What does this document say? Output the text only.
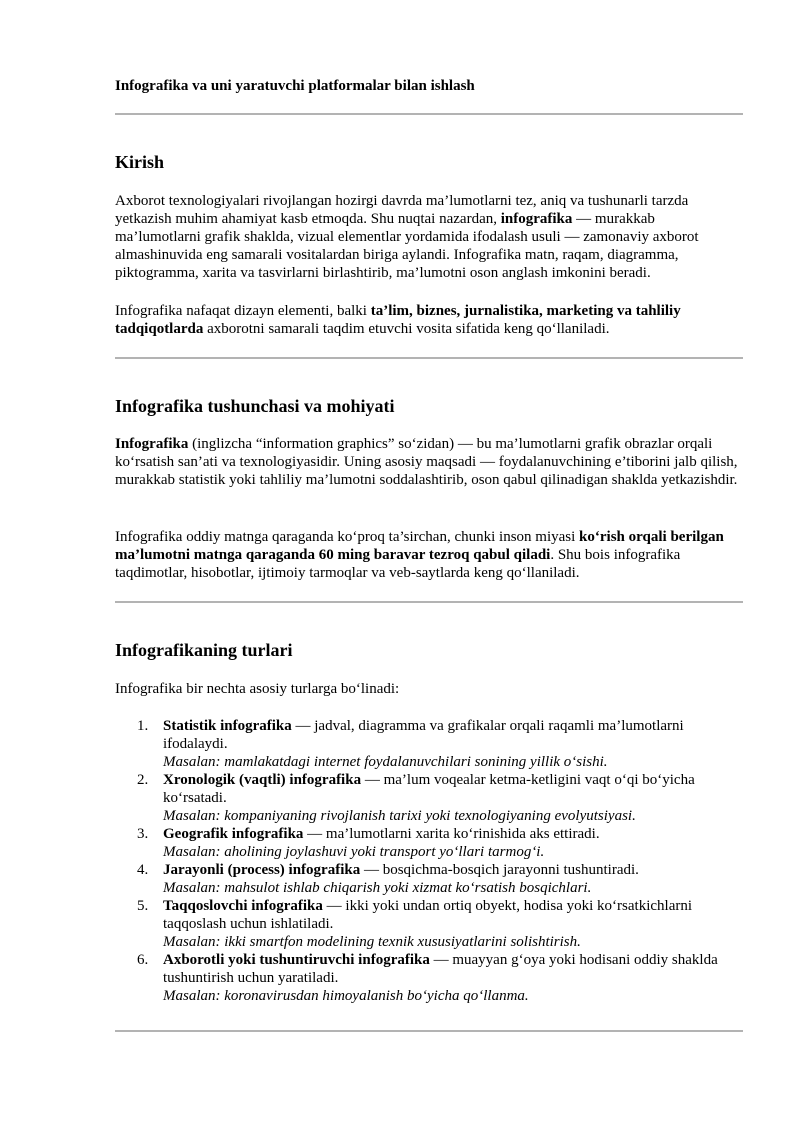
Infografika va uni yaratuvchi platformalar bilan ishlash
Kirish

Axborot texnologiyalari rivojlangan hozirgi davrda ma’lumotlarni tez, aniq va tushunarli tarzda yetkazish muhim ahamiyat kasb etmoqda. Shu nuqtai nazardan, infografika — murakkab ma’lumotlarni grafik shaklda, vizual elementlar yordamida ifodalash usuli — zamonaviy axborot almashinuvida eng samarali vositalardan biriga aylandi. Infografika matn, raqam, diagramma, piktogramma, xarita va tasvirlarni birlashtirib, ma’lumotni oson anglash imkonini beradi.

Infografika nafaqat dizayn elementi, balki ta’lim, biznes, jurnalistika, marketing va tahliliy tadqiqotlarda axborotni samarali taqdim etuvchi vosita sifatida keng qo‘llaniladi.

Infografika tushunchasi va mohiyati

Infografika (inglizcha “information graphics” so‘zidan) — bu ma’lumotlarni grafik obrazlar orqali ko‘rsatish san’ati va texnologiyasidir. Uning asosiy maqsadi — foydalanuvchining e’tiborini jalb qilish, murakkab statistik yoki tahliliy ma’lumotni soddalashtirib, oson qabul qilinadigan shaklda yetkazishdir.

Infografika oddiy matnga qaraganda ko‘proq ta’sirchan, chunki inson miyasi ko‘rish orqali berilgan ma’lumotni matnga qaraganda 60 ming baravar tezroq qabul qiladi. Shu bois infografika taqdimotlar, hisobotlar, ijtimoiy tarmoqlar va veb-saytlarda keng qo‘llaniladi.

Infografikaning turlari

Infografika bir nechta asosiy turlarga bo‘linadi:

1. Statistik infografika — jadval, diagramma va grafikalar orqali raqamli ma’lumotlarni ifodalaydi.
Masalan: mamlakatdagi internet foydalanuvchilari sonining yillik o‘sishi.
2. Xronologik (vaqtli) infografika — ma’lum voqealar ketma-ketligini vaqt o‘qi bo‘yicha ko‘rsatadi.
Masalan: kompaniyaning rivojlanish tarixi yoki texnologiyaning evolyutsiyasi.
3. Geografik infografika — ma’lumotlarni xarita ko‘rinishida aks ettiradi.
Masalan: aholining joylashuvi yoki transport yo‘llari tarmog‘i.
4. Jarayonli (process) infografika — bosqichma-bosqich jarayonni tushuntiradi.
Masalan: mahsulot ishlab chiqarish yoki xizmat ko‘rsatish bosqichlari.
5. Taqqoslovchi infografika — ikki yoki undan ortiq obyekt, hodisa yoki ko‘rsatkichlarni taqqoslash uchun ishlatiladi.
Masalan: ikki smartfon modelining texnik xususiyatlarini solishtirish.
6. Axborotli yoki tushuntiruvchi infografika — muayyan g‘oya yoki hodisani oddiy shaklda tushuntirish uchun yaratiladi.
Masalan: koronavirusdan himoyalanish bo‘yicha qo‘llanma.
